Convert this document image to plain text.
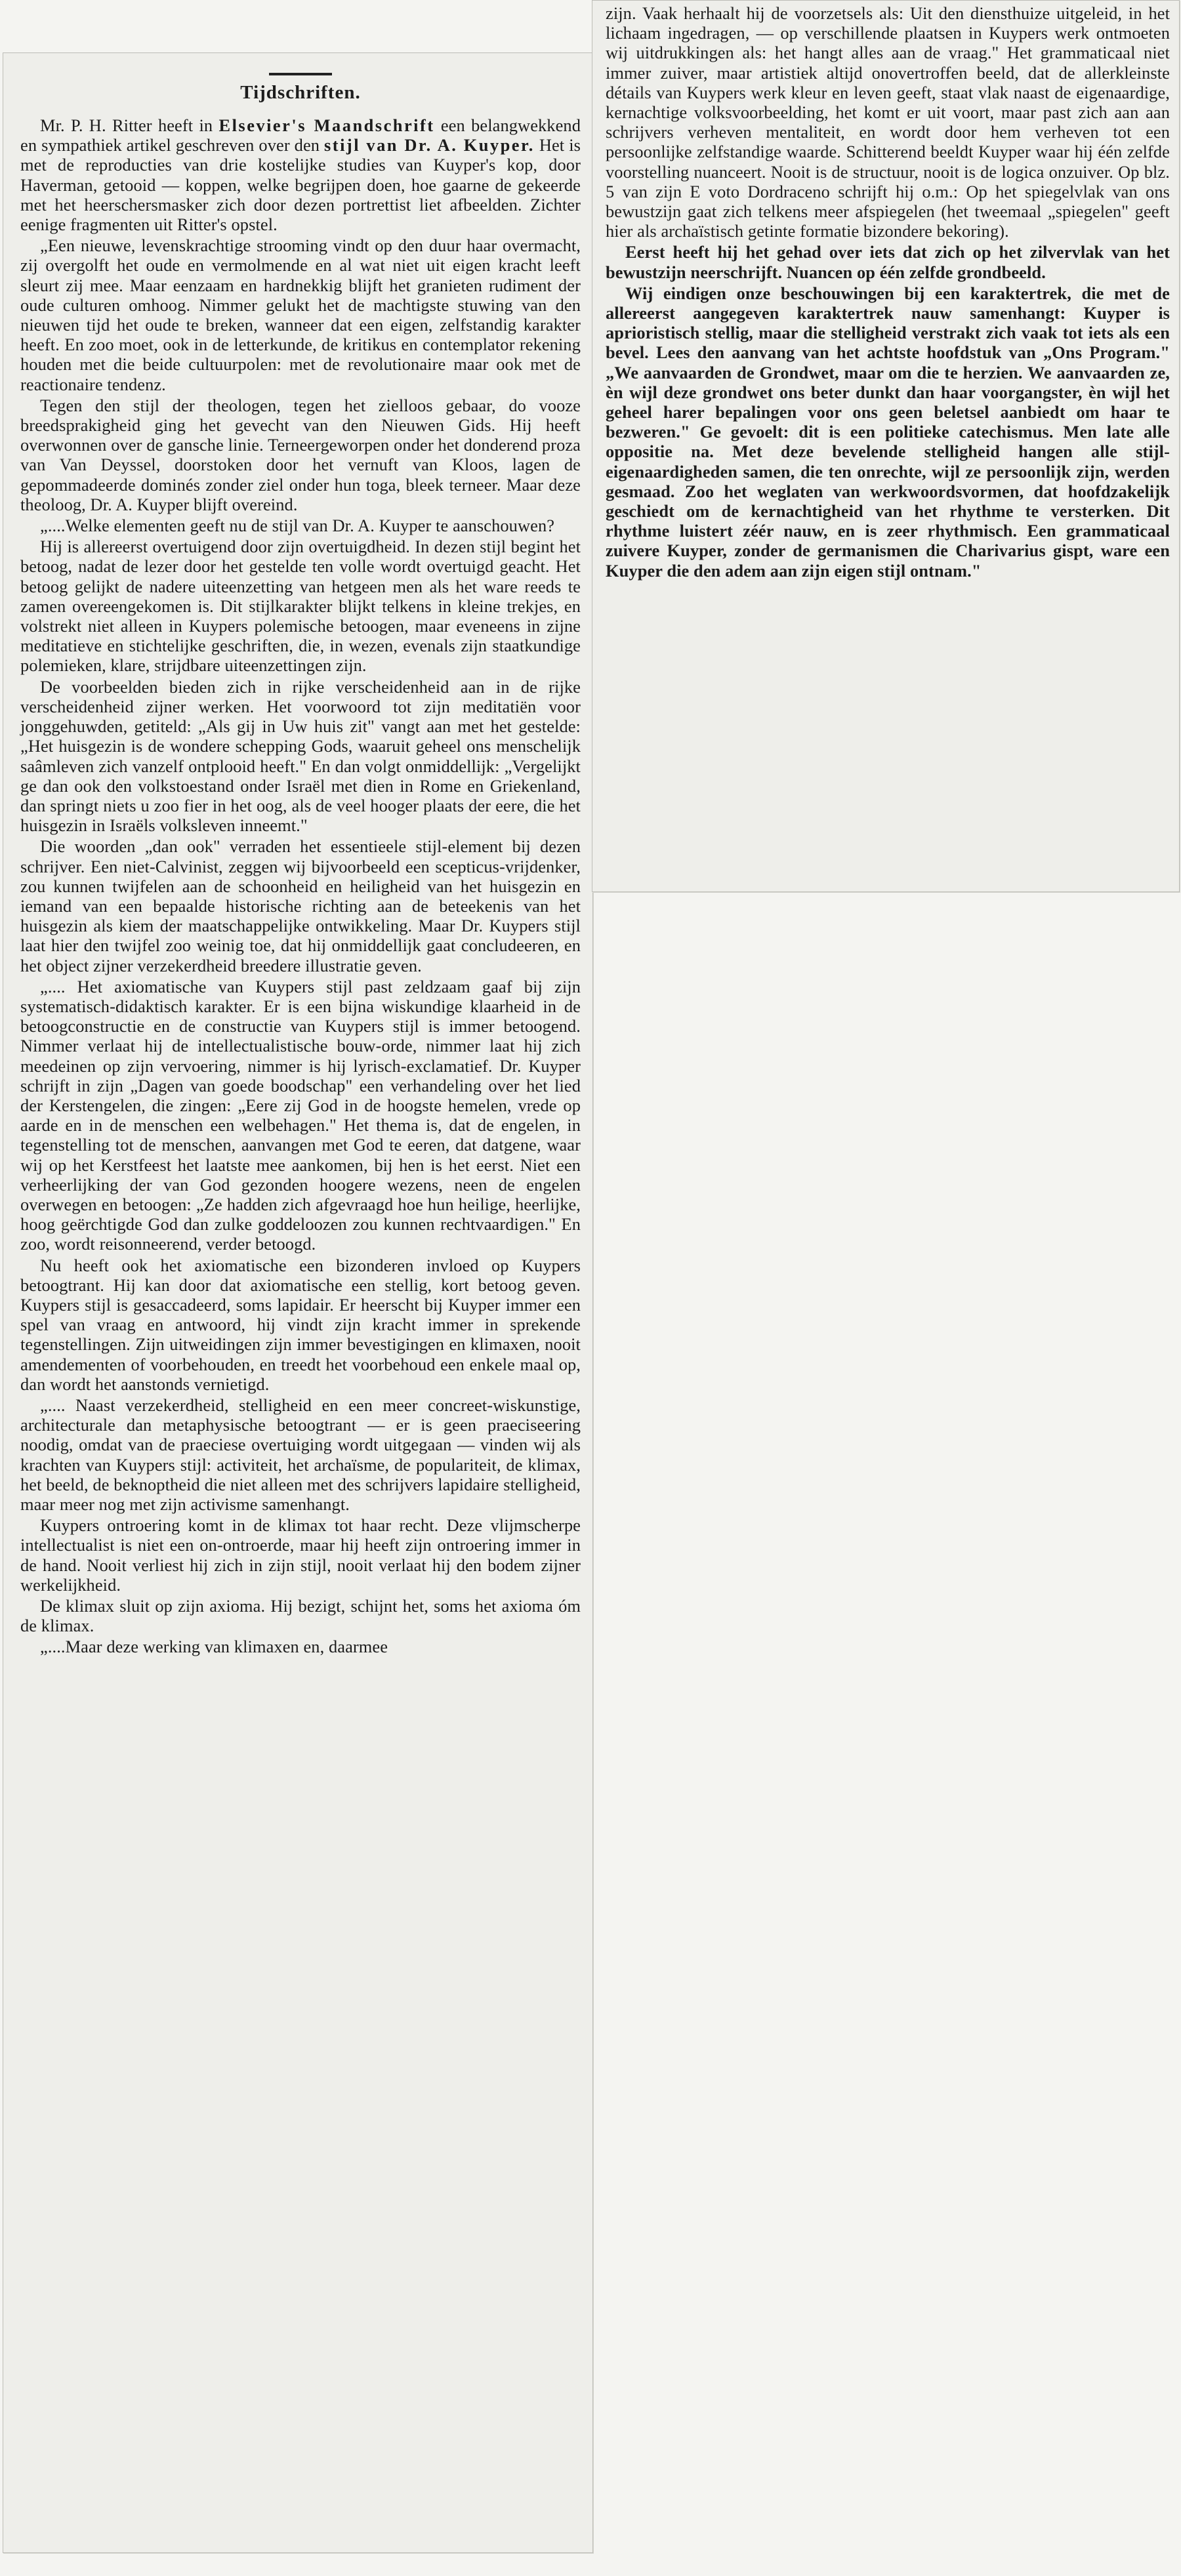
Tijdschriften.

Mr. P. H. Ritter heeft in Elsevier's Maandschrift een belangwekkend en sympathiek artikel geschreven over den stijl van Dr. A. Kuyper. Het is met de reproducties van drie kostelijke studies van Kuyper's kop, door Haverman, getooid — koppen, welke begrijpen doen, hoe gaarne de gekeerde met het heerschersmasker zich door dezen portrettist liet afbeelden. Zichter eenige fragmenten uit Ritter's opstel.

„Een nieuwe, levenskrachtige strooming vindt op den duur haar overmacht, zij overgolft het oude en vermolmende en al wat niet uit eigen kracht leeft sleurt zij mee. Maar eenzaam en hardnekkig blijft het granieten rudiment der oude culturen omhoog. Nimmer gelukt het de machtigste stuwing van den nieuwen tijd het oude te breken, wanneer dat een eigen, zelfstandig karakter heeft. En zoo moet, ook in de letterkunde, de kritikus en contemplator rekening houden met die beide cultuurpolen: met de revolutionaire maar ook met de reactionaire tendenz.

Tegen den stijl der theologen, tegen het zielloos gebaar, do vooze breedsprakigheid ging het gevecht van den Nieuwen Gids. Hij heeft overwonnen over de gansche linie. Terneergeworpen onder het donderend proza van Van Deyssel, doorstoken door het vernuft van Kloos, lagen de gepommadeerde dominés zonder ziel onder hun toga, bleek terneer. Maar deze theoloog, Dr. A. Kuyper blijft overeind.

„....Welke elementen geeft nu de stijl van Dr. A. Kuyper te aanschouwen?

Hij is allereerst overtuigend door zijn overtuigdheid. In dezen stijl begint het betoog, nadat de lezer door het gestelde ten volle wordt overtuigd geacht. Het betoog gelijkt de nadere uiteenzetting van hetgeen men als het ware reeds te zamen overeengekomen is. Dit stijlkarakter blijkt telkens in kleine trekjes, en volstrekt niet alleen in Kuypers polemische betoogen, maar eveneens in zijne meditatieve en stichtelijke geschriften, die, in wezen, evenals zijn staatkundige polemieken, klare, strijdbare uiteenzettingen zijn.

De voorbeelden bieden zich in rijke verscheidenheid aan in de rijke verscheidenheid zijner werken. Het voorwoord tot zijn meditatiën voor jonggehuwden, getiteld: „Als gij in Uw huis zit" vangt aan met het gestelde: „Het huisgezin is de wondere schepping Gods, waaruit geheel ons menschelijk saâmleven zich vanzelf ontplooid heeft." En dan volgt onmiddellijk: „Vergelijkt ge dan ook den volkstoestand onder Israël met dien in Rome en Griekenland, dan springt niets u zoo fier in het oog, als de veel hooger plaats der eere, die het huisgezin in Israëls volksleven inneemt."

Die woorden „dan ook" verraden het essentieele stijl-element bij dezen schrijver. Een niet-Calvinist, zeggen wij bijvoorbeeld een scepticus-vrijdenker, zou kunnen twijfelen aan de schoonheid en heiligheid van het huisgezin en iemand van een bepaalde historische richting aan de beteekenis van het huisgezin als kiem der maatschappelijke ontwikkeling. Maar Dr. Kuypers stijl laat hier den twijfel zoo weinig toe, dat hij onmiddellijk gaat concludeeren, en het object zijner verzekerdheid breedere illustratie geven.

„.... Het axiomatische van Kuypers stijl past zeldzaam gaaf bij zijn systematisch-didaktisch karakter. Er is een bijna wiskundige klaarheid in de betoogconstructie en de constructie van Kuypers stijl is immer betoogend. Nimmer verlaat hij de intellectualistische bouw-orde, nimmer laat hij zich meedeinen op zijn vervoering, nimmer is hij lyrisch-exclamatief. Dr. Kuyper schrijft in zijn „Dagen van goede boodschap" een verhandeling over het lied der Kerstengelen, die zingen: „Eere zij God in de hoogste hemelen, vrede op aarde en in de menschen een welbehagen." Het thema is, dat de engelen, in tegenstelling tot de menschen, aanvangen met God te eeren, dat datgene, waar wij op het Kerstfeest het laatste mee aankomen, bij hen is het eerst. Niet een verheerlijking der van God gezonden hoogere wezens, neen de engelen overwegen en betoogen: „Ze hadden zich afgevraagd hoe hun heilige, heerlijke, hoog geërchtigde God dan zulke goddeloozen zou kunnen rechtvaardigen." En zoo, wordt reisonneerend, verder betoogd.

Nu heeft ook het axiomatische een bizonderen invloed op Kuypers betoogtrant. Hij kan door dat axiomatische een stellig, kort betoog geven. Kuypers stijl is gesaccadeerd, soms lapidair. Er heerscht bij Kuyper immer een spel van vraag en antwoord, hij vindt zijn kracht immer in sprekende tegenstellingen. Zijn uitweidingen zijn immer bevestigingen en klimaxen, nooit amendementen of voorbehouden, en treedt het voorbehoud een enkele maal op, dan wordt het aanstonds vernietigd.

„.... Naast verzekerdheid, stelligheid en een meer concreet-wiskunstige, architecturale dan metaphysische betoogtrant — er is geen praeciseering noodig, omdat van de praeciese overtuiging wordt uitgegaan — vinden wij als krachten van Kuypers stijl: activiteit, het archaïsme, de populariteit, de klimax, het beeld, de beknoptheid die niet alleen met des schrijvers lapidaire stelligheid, maar meer nog met zijn activisme samenhangt.

Kuypers ontroering komt in de klimax tot haar recht. Deze vlijmscherpe intellectualist is niet een on-ontroerde, maar hij heeft zijn ontroering immer in de hand. Nooit verliest hij zich in zijn stijl, nooit verlaat hij den bodem zijner werkelijkheid.

De klimax sluit op zijn axioma. Hij bezigt, schijnt het, soms het axioma óm de klimax.

„....Maar deze werking van klimaxen en, daarmee

zijn. Vaak herhaalt hij de voorzetsels als: Uit den diensthuize uitgeleid, in het lichaam ingedragen, — op verschillende plaatsen in Kuypers werk ontmoeten wij uitdrukkingen als: het hangt alles aan de vraag." Het grammaticaal niet immer zuiver, maar artistiek altijd onovertroffen beeld, dat de allerkleinste détails van Kuypers werk kleur en leven geeft, staat vlak naast de eigenaardige, kernachtige volksvoorbeelding, het komt er uit voort, maar past zich aan aan schrijvers verheven mentaliteit, en wordt door hem verheven tot een persoonlijke zelfstandige waarde. Schitterend beeldt Kuyper waar hij één zelfde voorstelling nuanceert. Nooit is de structuur, nooit is de logica onzuiver. Op blz. 5 van zijn E voto Dordraceno schrijft hij o.m.: Op het spiegelvlak van ons bewustzijn gaat zich telkens meer afspiegelen (het tweemaal „spiegelen" geeft hier als archaïstisch getinte formatie bizondere bekoring).

Eerst heeft hij het gehad over iets dat zich op het zilvervlak van het bewustzijn neerschrijft. Nuancen op één zelfde grondbeeld.

Wij eindigen onze beschouwingen bij een karaktertrek, die met de allereerst aangegeven karaktertrek nauw samenhangt: Kuyper is aprioristisch stellig, maar die stelligheid verstrakt zich vaak tot iets als een bevel. Lees den aanvang van het achtste hoofdstuk van „Ons Program." „We aanvaarden de Grondwet, maar om die te herzien. We aanvaarden ze, èn wijl deze grondwet ons beter dunkt dan haar voorgangster, èn wijl het geheel harer bepalingen voor ons geen beletsel aanbiedt om haar te bezweren." Ge gevoelt: dit is een politieke catechismus. Men late alle oppositie na. Met deze bevelende stelligheid hangen alle stijl-eigenaardigheden samen, die ten onrechte, wijl ze persoonlijk zijn, werden gesmaad. Zoo het weglaten van werkwoordsvormen, dat hoofdzakelijk geschiedt om de kernachtigheid van het rhythme te versterken. Dit rhythme luistert zéér nauw, en is zeer rhythmisch. Een grammaticaal zuivere Kuyper, zonder de germanismen die Charivarius gispt, ware een Kuyper die den adem aan zijn eigen stijl ontnam."
